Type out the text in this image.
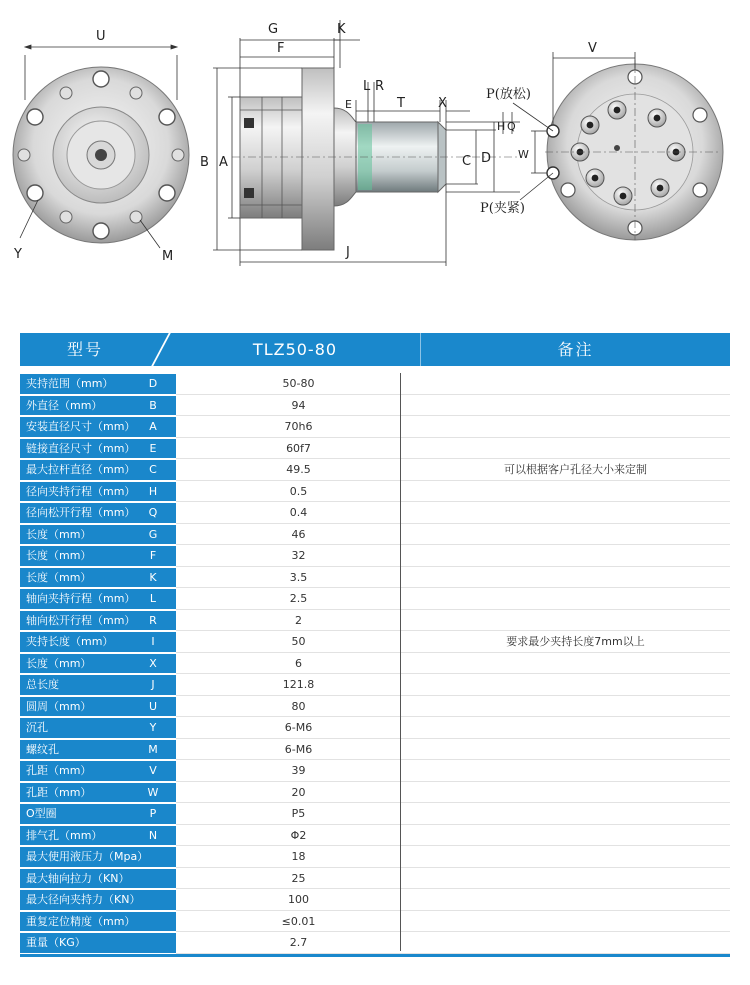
U
Y	M
G	K
F
L R
E	T	X
B A	C D
H Q
J
V
W
P(放松)
P(夹紧)
型号	TLZ50-80	备注
夹持范围（mm）	D	50-80
外直径（mm）	B	94
安装直径尺寸（mm）	A	70h6
链接直径尺寸（mm）	E	60f7
最大拉杆直径（mm）	C	49.5	可以根据客户孔径大小来定制
径向夹持行程（mm）	H	0.5
径向松开行程（mm）	Q	0.4
长度（mm）	G	46
长度（mm）	F	32
长度（mm）	K	3.5
轴向夹持行程（mm）	L	2.5
轴向松开行程（mm）	R	2
夹持长度（mm）	I	50	要求最少夹持长度7mm以上
长度（mm）	X	6
总长度	J	121.8
圆周（mm）	U	80
沉孔	Y	6-M6
螺纹孔	M	6-M6
孔距（mm）	V	39
孔距（mm）	W	20
O型圈	P	P5
排气孔（mm）	N	Φ2
最大使用液压力（Mpa）	18
最大轴向拉力（KN）	25
最大径向夹持力（KN）	100
重复定位精度（mm）	≤0.01
重量（KG）	2.7
